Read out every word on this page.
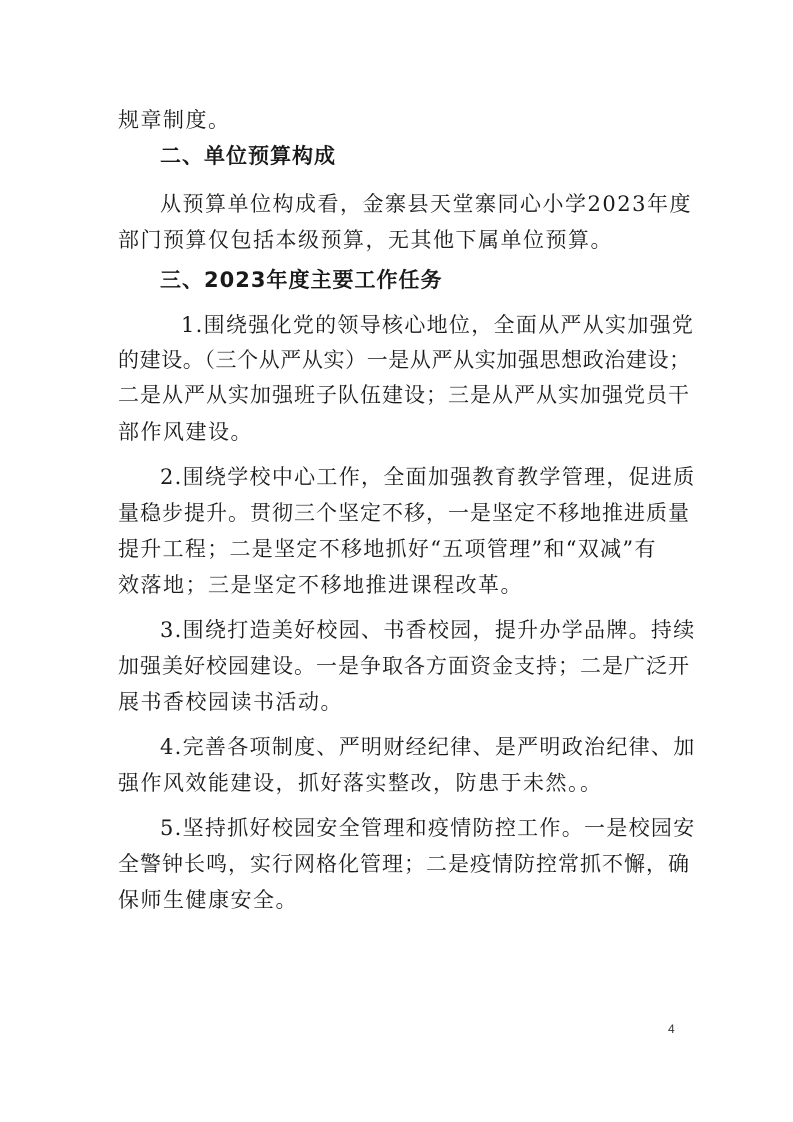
规章制度。
二、单位预算构成
从预算单位构成看，金寨县天堂寨同心小学2023年度
部门预算仅包括本级预算，无其他下属单位预算。
三、2023年度主要工作任务
1.围绕强化党的领导核心地位，全面从严从实加强党
的建设。（三个从严从实）一是从严从实加强思想政治建设；
二是从严从实加强班子队伍建设；三是从严从实加强党员干
部作风建设。
2.围绕学校中心工作，全面加强教育教学管理，促进质
量稳步提升。贯彻三个坚定不移，一是坚定不移地推进质量
提升工程；二是坚定不移地抓好“五项管理”和“双减”有
效落地；三是坚定不移地推进课程改革。
3.围绕打造美好校园、书香校园，提升办学品牌。持续
加强美好校园建设。一是争取各方面资金支持；二是广泛开
展书香校园读书活动。
4.完善各项制度、严明财经纪律、是严明政治纪律、加
强作风效能建设，抓好落实整改，防患于未然。。
5.坚持抓好校园安全管理和疫情防控工作。一是校园安
全警钟长鸣，实行网格化管理；二是疫情防控常抓不懈，确
保师生健康安全。
4
